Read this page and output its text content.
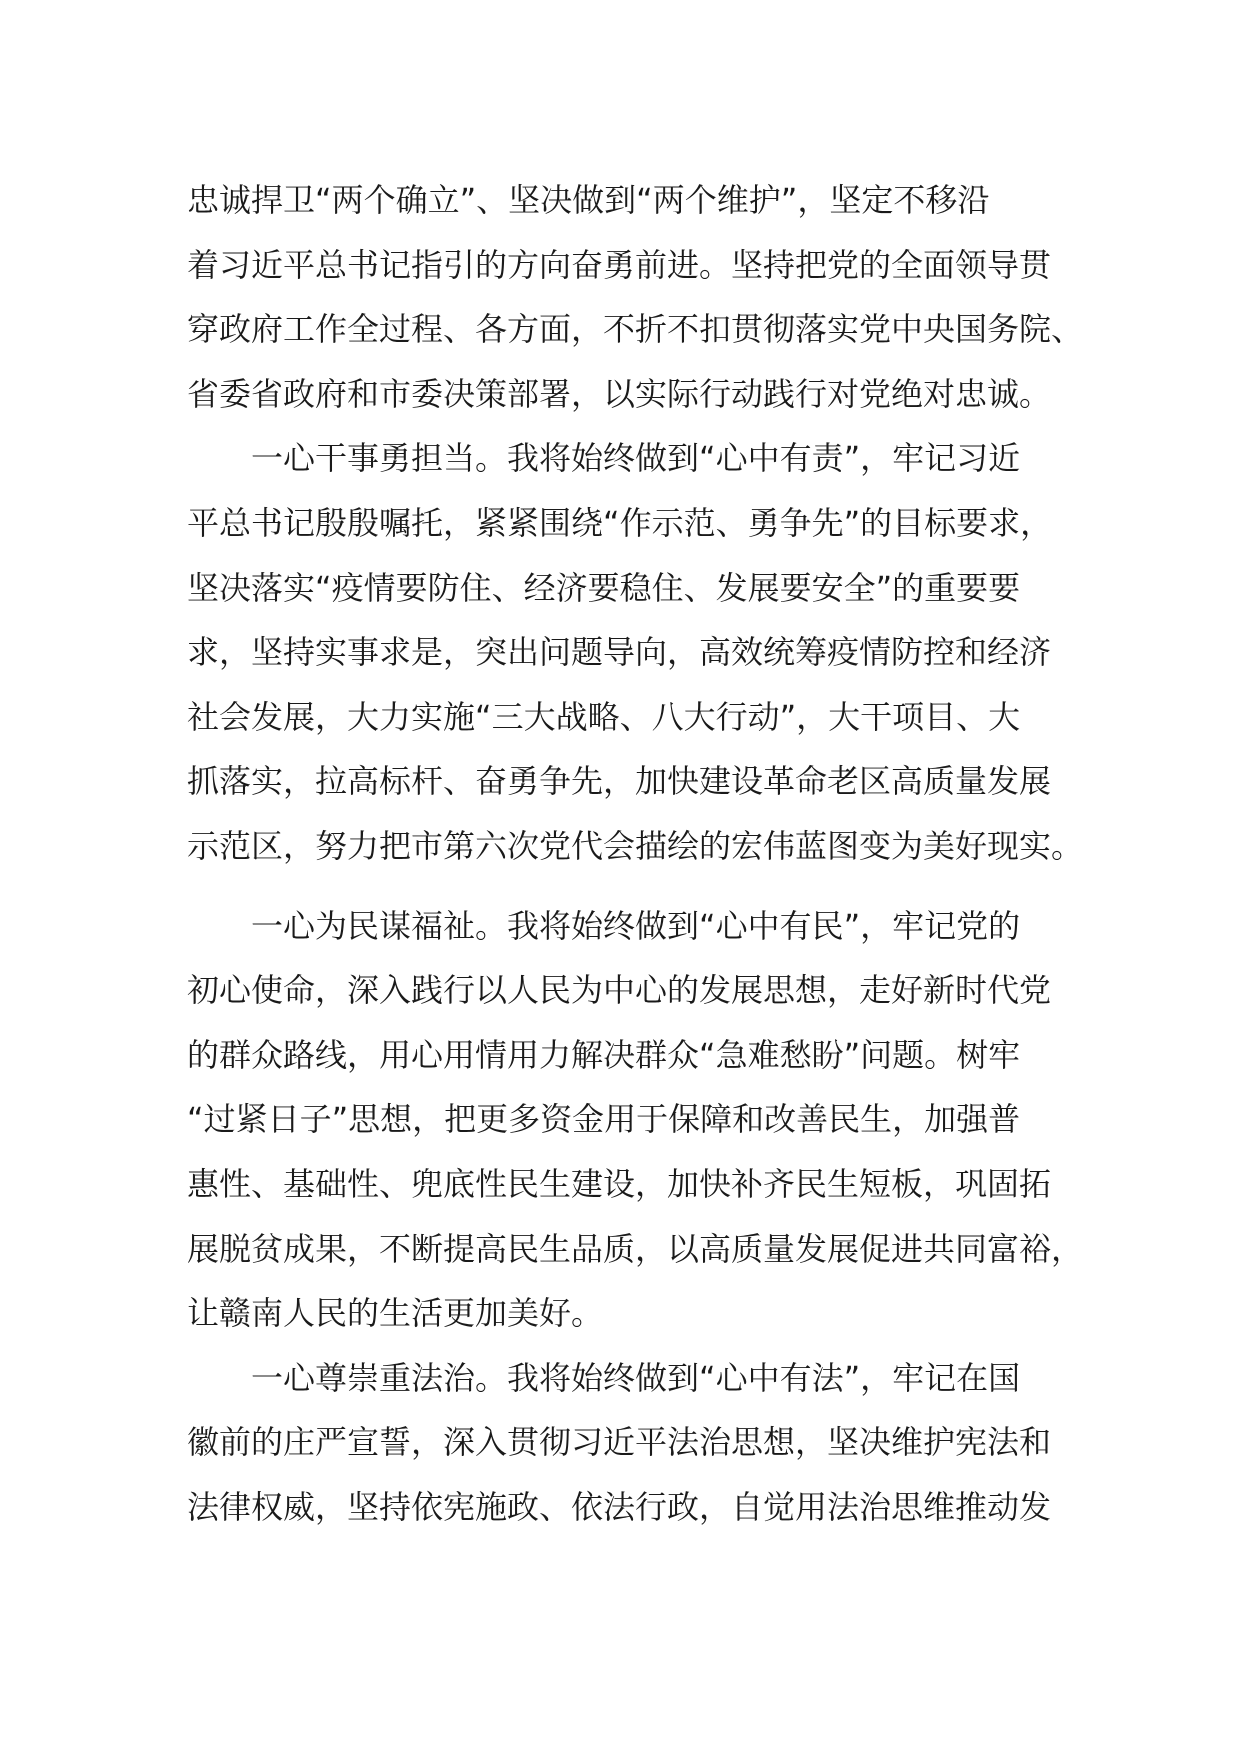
忠诚捍卫“两个确立”、坚决做到“两个维护”，坚定不移沿
着习近平总书记指引的方向奋勇前进。坚持把党的全面领导贯
穿政府工作全过程、各方面，不折不扣贯彻落实党中央国务院、
省委省政府和市委决策部署，以实际行动践行对党绝对忠诚。
一心干事勇担当。我将始终做到“心中有责”，牢记习近
平总书记殷殷嘱托，紧紧围绕“作示范、勇争先”的目标要求，
坚决落实“疫情要防住、经济要稳住、发展要安全”的重要要
求，坚持实事求是，突出问题导向，高效统筹疫情防控和经济
社会发展，大力实施“三大战略、八大行动”，大干项目、大
抓落实，拉高标杆、奋勇争先，加快建设革命老区高质量发展
示范区，努力把市第六次党代会描绘的宏伟蓝图变为美好现实。
一心为民谋福祉。我将始终做到“心中有民”，牢记党的
初心使命，深入践行以人民为中心的发展思想，走好新时代党
的群众路线，用心用情用力解决群众“急难愁盼”问题。树牢
“过紧日子”思想，把更多资金用于保障和改善民生，加强普
惠性、基础性、兜底性民生建设，加快补齐民生短板，巩固拓
展脱贫成果，不断提高民生品质，以高质量发展促进共同富裕，
让赣南人民的生活更加美好。
一心尊崇重法治。我将始终做到“心中有法”，牢记在国
徽前的庄严宣誓，深入贯彻习近平法治思想，坚决维护宪法和
法律权威，坚持依宪施政、依法行政，自觉用法治思维推动发
